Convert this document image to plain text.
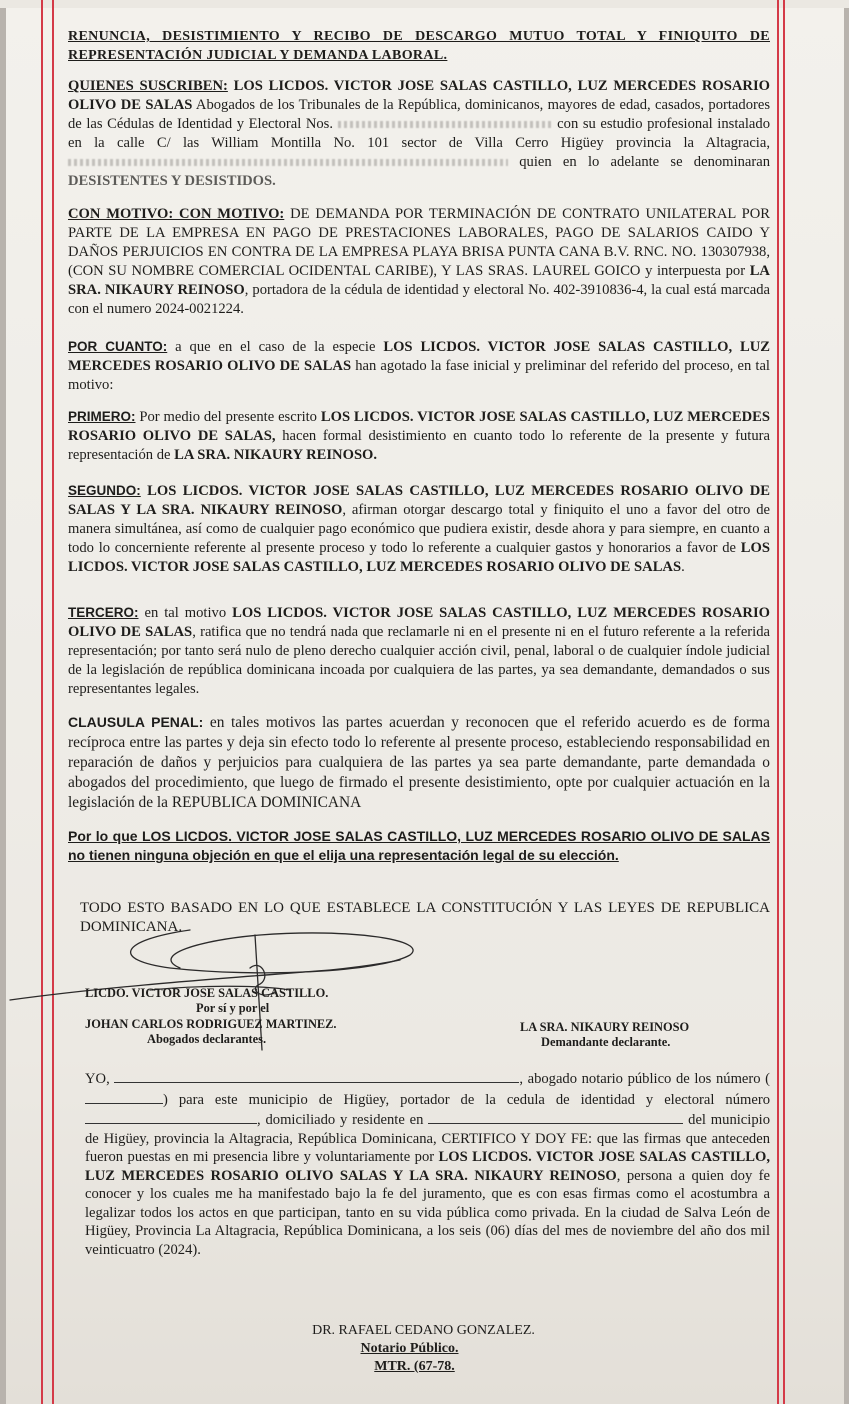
RENUNCIA, DESISTIMIENTO Y RECIBO DE DESCARGO MUTUO TOTAL Y FINIQUITO DE REPRESENTACIÓN JUDICIAL Y DEMANDA LABORAL.

QUIENES SUSCRIBEN: LOS LICDOS. VICTOR JOSE SALAS CASTILLO, LUZ MERCEDES ROSARIO OLIVO DE SALAS Abogados de los Tribunales de la República, dominicanos, mayores de edad, casados, portadores de las Cédulas de Identidad y Electoral Nos.	con su estudio profesional instalado en la calle C/ las William Montilla No. 101 sector de Villa Cerro Higüey provincia la Altagracia,  quien en lo adelante se denominaran DESISTENTES Y DESISTIDOS.

CON MOTIVO: CON MOTIVO: DE DEMANDA POR TERMINACIÓN DE CONTRATO UNILATERAL POR PARTE DE LA EMPRESA EN PAGO DE PRESTACIONES LABORALES, PAGO DE SALARIOS CAIDO Y DAÑOS PERJUICIOS EN CONTRA DE LA EMPRESA PLAYA BRISA PUNTA CANA B.V. RNC. NO. 130307938, (CON SU NOMBRE COMERCIAL OCIDENTAL CARIBE), Y LAS SRAS. LAUREL GOICO y interpuesta por LA SRA. NIKAURY REINOSO, portadora de la cédula de identidad y electoral No. 402-3910836-4, la cual está marcada con el numero 2024-0021224.

POR CUANTO: a que en el caso de la especie LOS LICDOS. VICTOR JOSE SALAS CASTILLO, LUZ MERCEDES ROSARIO OLIVO DE SALAS han agotado la fase inicial y preliminar del referido del proceso, en tal motivo:

PRIMERO: Por medio del presente escrito LOS LICDOS. VICTOR JOSE SALAS CASTILLO, LUZ MERCEDES ROSARIO OLIVO DE SALAS, hacen formal desistimiento en cuanto todo lo referente de la presente y futura representación de LA SRA. NIKAURY REINOSO.

SEGUNDO: LOS LICDOS. VICTOR JOSE SALAS CASTILLO, LUZ MERCEDES ROSARIO OLIVO DE SALAS Y LA SRA. NIKAURY REINOSO, afirman otorgar descargo total y finiquito el uno a favor del otro de manera simultánea, así como de cualquier pago económico que pudiera existir, desde ahora y para siempre, en cuanto a todo lo concerniente referente al presente proceso y todo lo referente a cualquier gastos y honorarios a favor de LOS LICDOS. VICTOR JOSE SALAS CASTILLO, LUZ MERCEDES ROSARIO OLIVO DE SALAS.

TERCERO: en tal motivo LOS LICDOS. VICTOR JOSE SALAS CASTILLO, LUZ MERCEDES ROSARIO OLIVO DE SALAS, ratifica que no tendrá nada que reclamarle ni en el presente ni en el futuro referente a la referida representación; por tanto será nulo de pleno derecho cualquier acción civil, penal, laboral o de cualquier índole judicial de la legislación de república dominicana incoada por cualquiera de las partes, ya sea demandante, demandados o sus representantes legales.

CLAUSULA PENAL: en tales motivos las partes acuerdan y reconocen que el referido acuerdo es de forma recíproca entre las partes y deja sin efecto todo lo referente al presente proceso, estableciendo responsabilidad en reparación de daños y perjuicios para cualquiera de las partes ya sea parte demandante, parte demandada o abogados del procedimiento, que luego de firmado el presente desistimiento, opte por cualquier actuación en la legislación de la REPUBLICA DOMINICANA

Por lo que LOS LICDOS. VICTOR JOSE SALAS CASTILLO, LUZ MERCEDES ROSARIO OLIVO DE SALAS no tienen ninguna objeción en que el elija una representación legal de su elección.

TODO ESTO BASADO EN LO QUE ESTABLECE LA CONSTITUCIÓN Y LAS LEYES DE REPUBLICA DOMINICANA.

LICDO. VICTOR JOSE SALAS CASTILLO.
Por sí y por el
JOHAN CARLOS RODRIGUEZ MARTINEZ.
Abogados declarantes.
LA SRA. NIKAURY REINOSO
Demandante declarante.

YO,	, abogado notario público de los número () para este municipio de Higüey, portador de la cedula de identidad y electoral número , domiciliado y residente en	del municipio de Higüey, provincia la Altagracia, República Dominicana, CERTIFICO Y DOY FE: que las firmas que anteceden fueron puestas en mi presencia libre y voluntariamente por LOS LICDOS. VICTOR JOSE SALAS CASTILLO, LUZ MERCEDES ROSARIO OLIVO SALAS Y LA SRA. NIKAURY REINOSO, persona a quien doy fe conocer y los cuales me ha manifestado bajo la fe del juramento, que es con esas firmas como el acostumbra a legalizar todos los actos en que participan, tanto en su vida pública como privada. En la ciudad de Salva León de Higüey, Provincia La Altagracia, República Dominicana, a los seis (06) días del mes de noviembre del año dos mil veinticuatro (2024).

DR. RAFAEL CEDANO GONZALEZ.
Notario Público.
MTR. (67-78.
